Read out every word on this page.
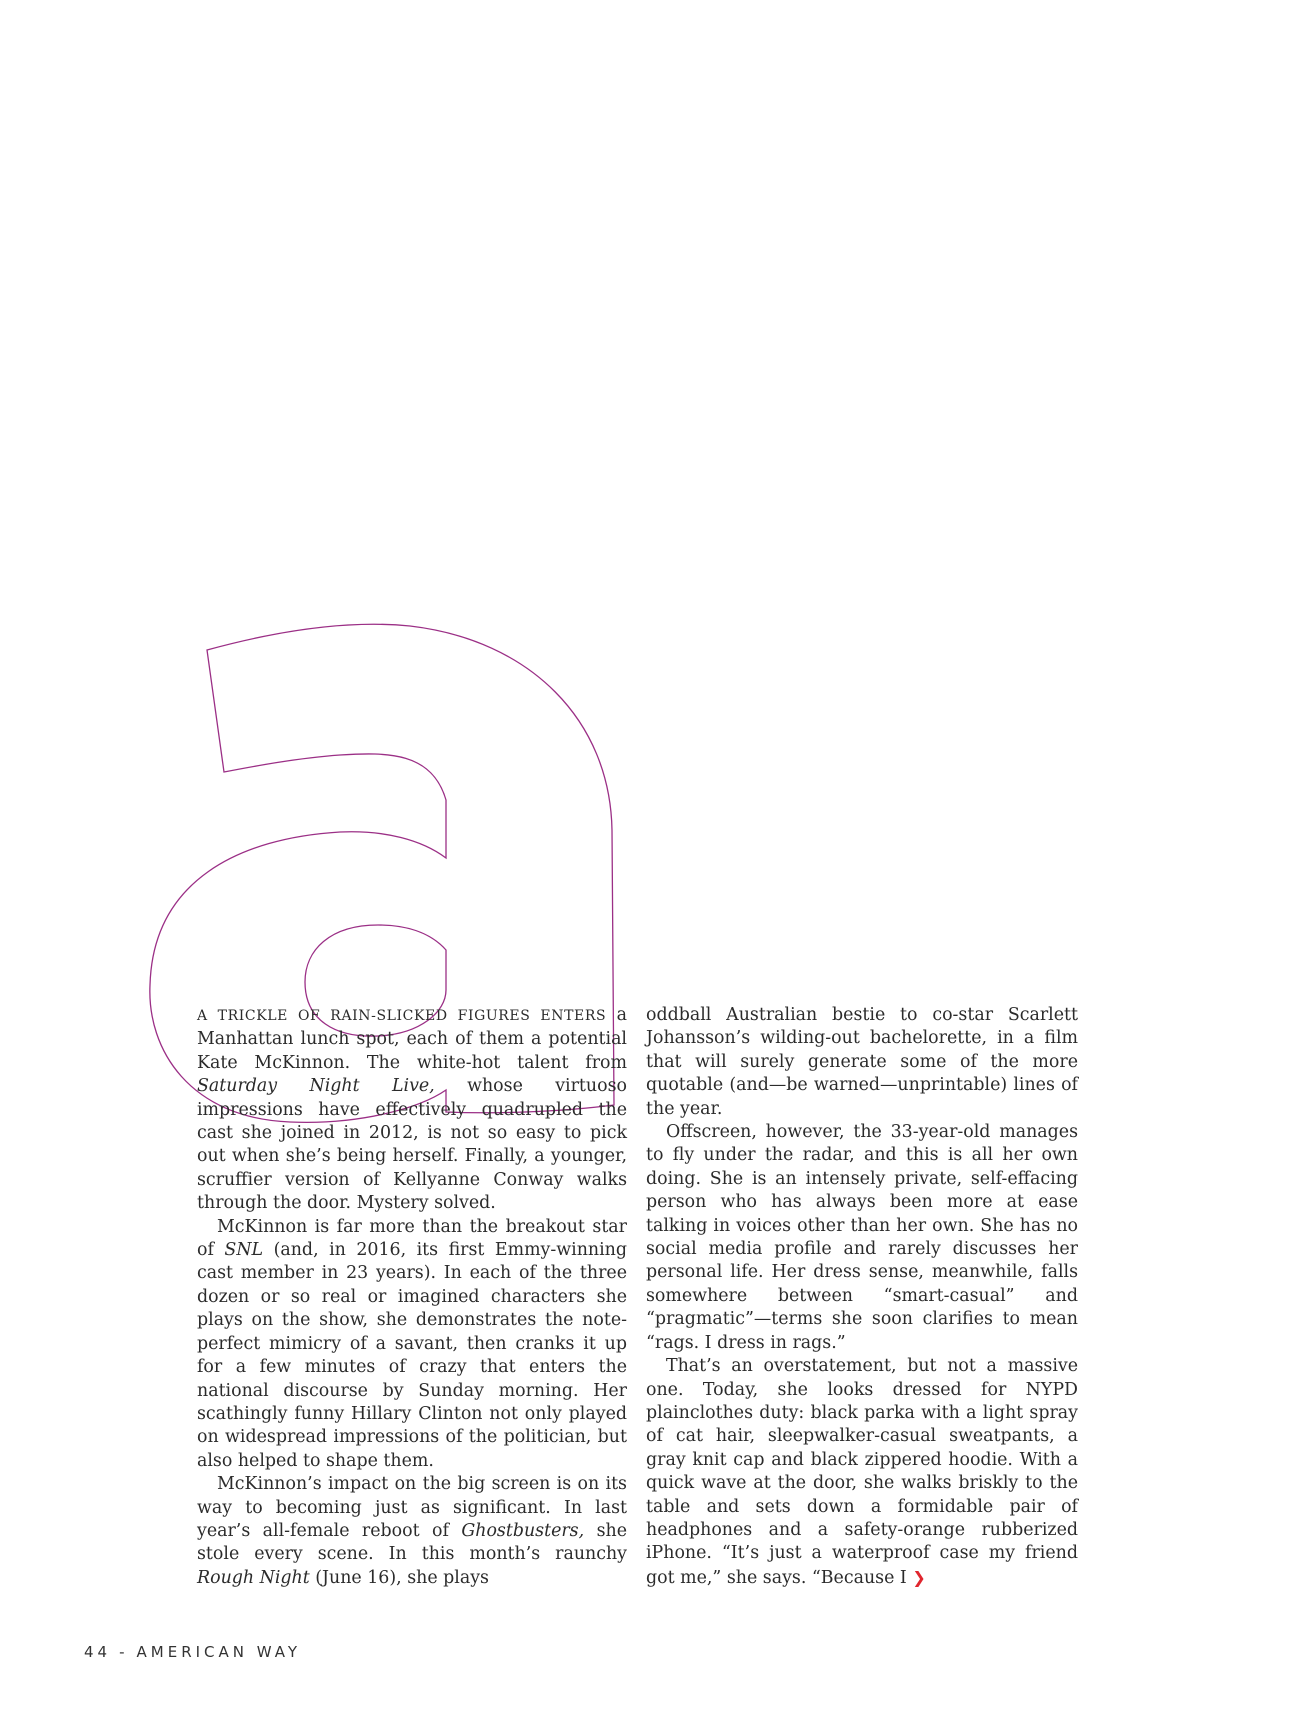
A TRICKLE OF RAIN-SLICKED FIGURES ENTERS a Manhattan lunch spot, each of them a potential Kate McKinnon. The white-hot talent from Saturday Night Live, whose virtuoso impressions have effectively quadrupled the cast she joined in 2012, is not so easy to pick out when she’s being herself. Finally, a younger, scruffier version of Kellyanne Conway walks through the door. Mystery solved.

McKinnon is far more than the breakout star of SNL (and, in 2016, its first Emmy-winning cast member in 23 years). In each of the three dozen or so real or imagined characters she plays on the show, she demonstrates the note-perfect mimicry of a savant, then cranks it up for a few minutes of crazy that enters the national discourse by Sunday morning. Her scathingly funny Hillary Clinton not only played on widespread impressions of the politician, but also helped to shape them.

McKinnon’s impact on the big screen is on its way to becoming just as significant. In last year’s all-female reboot of Ghostbusters, she stole every scene. In this month’s raunchy Rough Night (June 16), she plays

oddball Australian bestie to co-star Scarlett Johansson’s wilding-out bachelorette, in a film that will surely generate some of the more quotable (and—be warned—unprintable) lines of the year.

Offscreen, however, the 33-year-old manages to fly under the radar, and this is all her own doing. She is an intensely private, self-effacing person who has always been more at ease talking in voices other than her own. She has no social media profile and rarely discusses her personal life. Her dress sense, meanwhile, falls somewhere between “smart-casual” and “pragmatic”—terms she soon clarifies to mean “rags. I dress in rags.”

That’s an overstatement, but not a massive one. Today, she looks dressed for NYPD plainclothes duty: black parka with a light spray of cat hair, sleepwalker-casual sweatpants, a gray knit cap and black zippered hoodie. With a quick wave at the door, she walks briskly to the table and sets down a formidable pair of headphones and a safety-orange rubberized iPhone. “It’s just a waterproof case my friend got me,” she says. “Because I ❯

44 - AMERICAN WAY
